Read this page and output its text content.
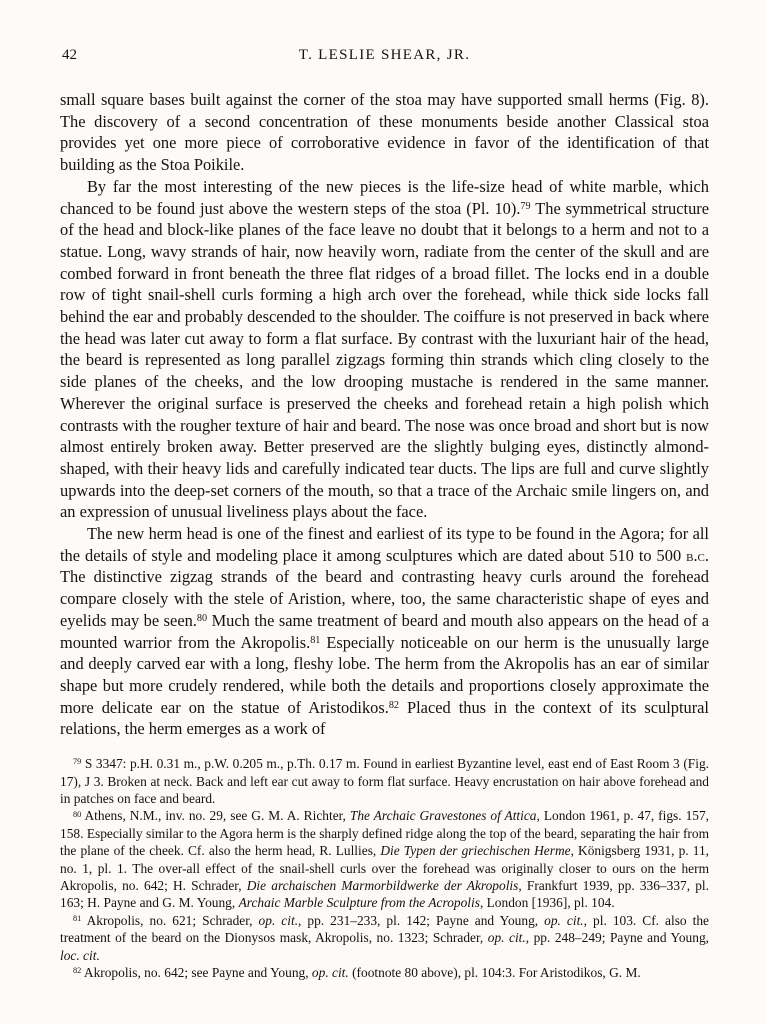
42	T. LESLIE SHEAR, JR.

small square bases built against the corner of the stoa may have supported small herms (Fig. 8). The discovery of a second concentration of these monuments beside another Classical stoa provides yet one more piece of corroborative evidence in favor of the identification of that building as the Stoa Poikile.

By far the most interesting of the new pieces is the life-size head of white marble, which chanced to be found just above the western steps of the stoa (Pl. 10).$^{79}$ The symmetrical structure of the head and block-like planes of the face leave no doubt that it belongs to a herm and not to a statue. Long, wavy strands of hair, now heavily worn, radiate from the center of the skull and are combed forward in front beneath the three flat ridges of a broad fillet. The locks end in a double row of tight snail-shell curls forming a high arch over the forehead, while thick side locks fall behind the ear and probably descended to the shoulder. The coiffure is not preserved in back where the head was later cut away to form a flat surface. By contrast with the luxuriant hair of the head, the beard is represented as long parallel zigzags forming thin strands which cling closely to the side planes of the cheeks, and the low drooping mustache is rendered in the same manner. Wherever the original surface is preserved the cheeks and forehead retain a high polish which contrasts with the rougher texture of hair and beard. The nose was once broad and short but is now almost entirely broken away. Better preserved are the slightly bulging eyes, distinctly almond-shaped, with their heavy lids and carefully indicated tear ducts. The lips are full and curve slightly upwards into the deep-set corners of the mouth, so that a trace of the Archaic smile lingers on, and an expression of unusual liveliness plays about the face.

The new herm head is one of the finest and earliest of its type to be found in the Agora; for all the details of style and modeling place it among sculptures which are dated about 510 to 500 b.c. The distinctive zigzag strands of the beard and contrasting heavy curls around the forehead compare closely with the stele of Aristion, where, too, the same characteristic shape of eyes and eyelids may be seen.$^{80}$ Much the same treatment of beard and mouth also appears on the head of a mounted warrior from the Akropolis.$^{81}$ Especially noticeable on our herm is the unusually large and deeply carved ear with a long, fleshy lobe. The herm from the Akropolis has an ear of similar shape but more crudely rendered, while both the details and proportions closely approximate the more delicate ear on the statue of Aristodikos.$^{82}$ Placed thus in the context of its sculptural relations, the herm emerges as a work of

$^{79}$ S 3347: p.H. 0.31 m., p.W. 0.205 m., p.Th. 0.17 m. Found in earliest Byzantine level, east end of East Room 3 (Fig. 17), J 3. Broken at neck. Back and left ear cut away to form flat surface. Heavy encrustation on hair above forehead and in patches on face and beard.

$^{80}$ Athens, N.M., inv. no. 29, see G. M. A. Richter, The Archaic Gravestones of Attica, London 1961, p. 47, figs. 157, 158. Especially similar to the Agora herm is the sharply defined ridge along the top of the beard, separating the hair from the plane of the cheek. Cf. also the herm head, R. Lullies, Die Typen der griechischen Herme, Königsberg 1931, p. 11, no. 1, pl. 1. The over-all effect of the snail-shell curls over the forehead was originally closer to ours on the herm Akropolis, no. 642; H. Schrader, Die archaischen Marmorbildwerke der Akropolis, Frankfurt 1939, pp. 336–337, pl. 163; H. Payne and G. M. Young, Archaic Marble Sculpture from the Acropolis, London [1936], pl. 104.

$^{81}$ Akropolis, no. 621; Schrader, op. cit., pp. 231–233, pl. 142; Payne and Young, op. cit., pl. 103. Cf. also the treatment of the beard on the Dionysos mask, Akropolis, no. 1323; Schrader, op. cit., pp. 248–249; Payne and Young, loc. cit.

$^{82}$ Akropolis, no. 642; see Payne and Young, op. cit. (footnote 80 above), pl. 104:3. For Aristodikos, G. M.
